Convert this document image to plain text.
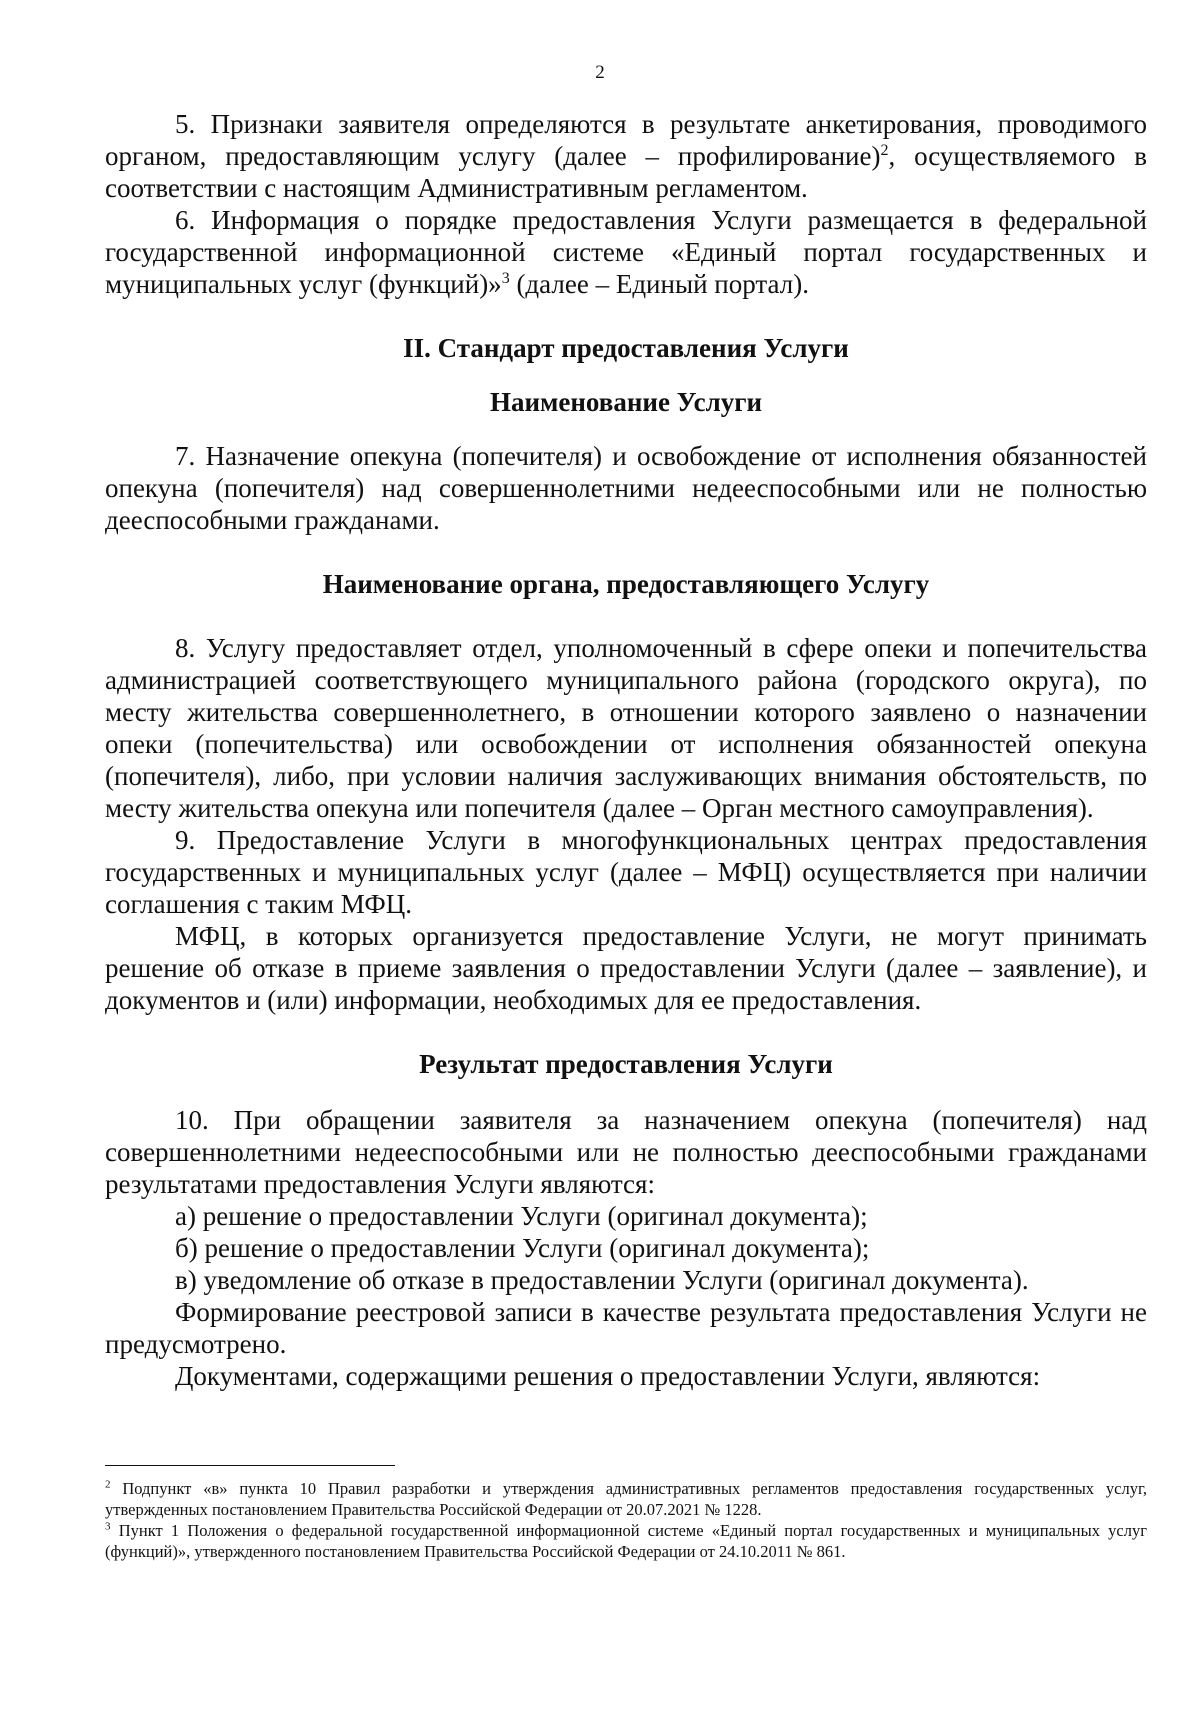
2

5. Признаки заявителя определяются в результате анкетирования, проводимого органом, предоставляющим услугу (далее – профилирование)$^2$, осуществляемого в соответствии с настоящим Административным регламентом.

6. Информация о порядке предоставления Услуги размещается в федеральной государственной информационной системе «Единый портал государственных и муниципальных услуг (функций)»$^3$ (далее – Единый портал).

II. Стандарт предоставления Услуги
Наименование Услуги

7. Назначение опекуна (попечителя) и освобождение от исполнения обязанностей опекуна (попечителя) над совершеннолетними недееспособными или не полностью дееспособными гражданами.

Наименование органа, предоставляющего Услугу

8. Услугу предоставляет отдел, уполномоченный в сфере опеки и попечительства администрацией соответствующего муниципального района (городского округа), по месту жительства совершеннолетнего, в отношении которого заявлено о назначении опеки (попечительства) или освобождении от исполнения обязанностей опекуна (попечителя), либо, при условии наличия заслуживающих внимания обстоятельств, по месту жительства опекуна или попечителя (далее – Орган местного самоуправления).

9. Предоставление Услуги в многофункциональных центрах предоставления государственных и муниципальных услуг (далее – МФЦ) осуществляется при наличии соглашения с таким МФЦ.

МФЦ, в которых организуется предоставление Услуги, не могут принимать решение об отказе в приеме заявления о предоставлении Услуги (далее – заявление), и документов и (или) информации, необходимых для ее предоставления.

Результат предоставления Услуги

10. При обращении заявителя за назначением опекуна (попечителя) над совершеннолетними недееспособными или не полностью дееспособными гражданами результатами предоставления Услуги являются:

а) решение о предоставлении Услуги (оригинал документа);

б) решение о предоставлении Услуги (оригинал документа);

в) уведомление об отказе в предоставлении Услуги (оригинал документа).

Формирование реестровой записи в качестве результата предоставления Услуги не предусмотрено.

Документами, содержащими решения о предоставлении Услуги, являются:

$^2$ Подпункт «в» пункта 10 Правил разработки и утверждения административных регламентов предоставления государственных услуг, утвержденных постановлением Правительства Российской Федерации от 20.07.2021 № 1228.

$^3$ Пункт 1 Положения о федеральной государственной информационной системе «Единый портал государственных и муниципальных услуг (функций)», утвержденного постановлением Правительства Российской Федерации от 24.10.2011 № 861.
